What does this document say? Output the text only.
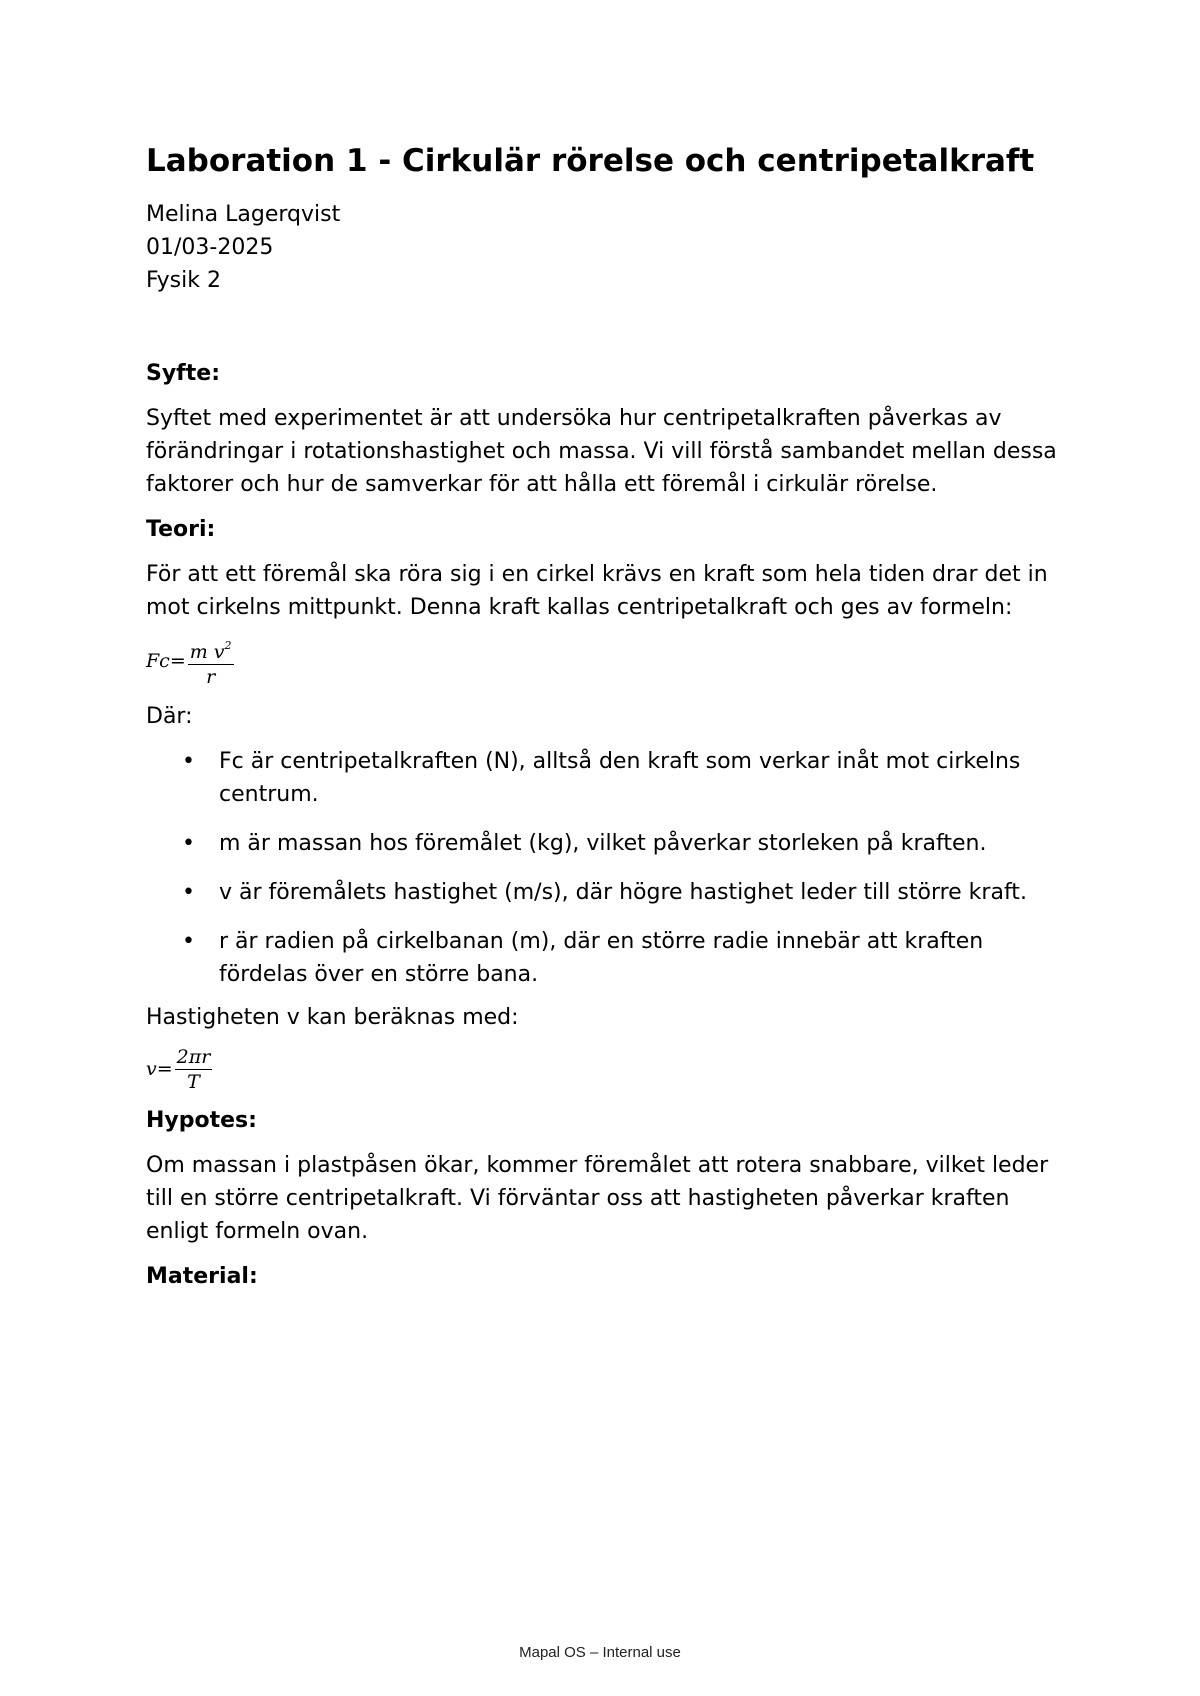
Laboration 1 - Cirkulär rörelse och centripetalkraft
Melina Lagerqvist
01/03-2025
Fysik 2
Syfte:

Syftet med experimentet är att undersöka hur centripetalkraften påverkas av förändringar i rotationshastighet och massa. Vi vill förstå sambandet mellan dessa faktorer och hur de samverkar för att hålla ett föremål i cirkulär rörelse.

Teori:

För att ett föremål ska röra sig i en cirkel krävs en kraft som hela tiden drar det in mot cirkelns mittpunkt. Denna kraft kallas centripetalkraft och ges av formeln:

$Fc= \frac{m v^2}{r}$

Där:

• Fc är centripetalkraften (N), alltså den kraft som verkar inåt mot cirkelns centrum.
• m är massan hos föremålet (kg), vilket påverkar storleken på kraften.
• v är föremålets hastighet (m/s), där högre hastighet leder till större kraft.
• r är radien på cirkelbanan (m), där en större radie innebär att kraften fördelas över en större bana.

Hastigheten v kan beräknas med:

$v= \frac{2\pi r}{T}$
Hypotes:

Om massan i plastpåsen ökar, kommer föremålet att rotera snabbare, vilket leder till en större centripetalkraft. Vi förväntar oss att hastigheten påverkar kraften enligt formeln ovan.

Material:
Mapal OS – Internal use
